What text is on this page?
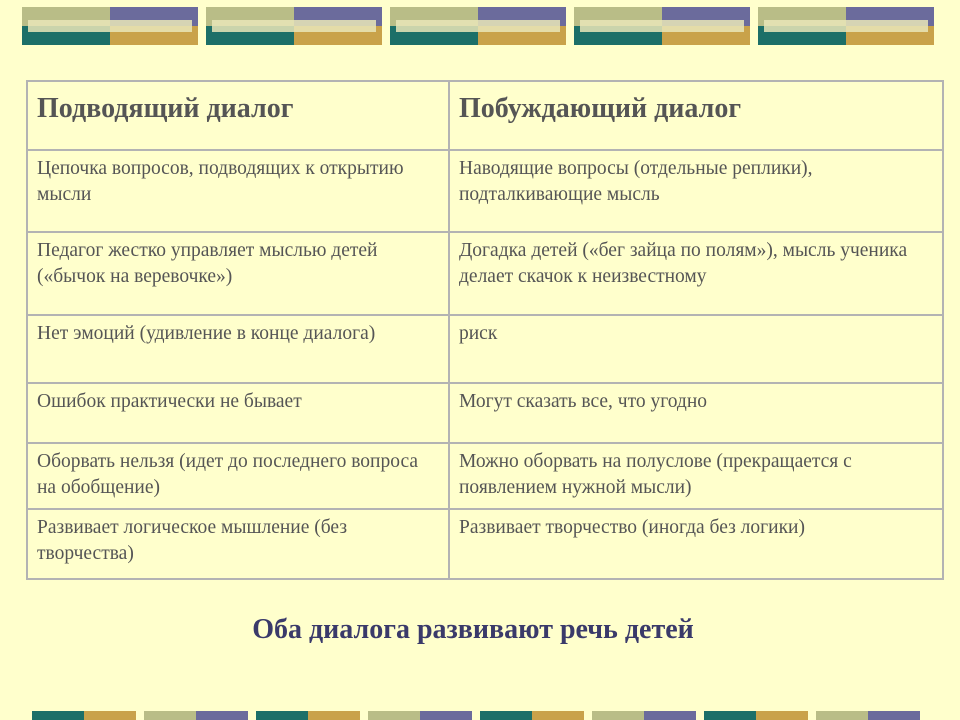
Подводящий диалог	Побуждающий диалог
Цепочка вопросов, подводящих к открытию мысли	Наводящие вопросы (отдельные реплики), подталкивающие мысль
Педагог жестко управляет мыслью детей («бычок на веревочке»)	Догадка детей («бег зайца по полям»), мысль ученика делает скачок к неизвестному
Нет эмоций (удивление в конце диалога)	риск
Ошибок практически не бывает	Могут сказать все, что угодно
Оборвать нельзя (идет до последнего вопроса на обобщение)	Можно оборвать на полуслове (прекращается с появлением нужной мысли)
Развивает логическое мышление (без творчества)	Развивает творчество (иногда без логики)
Оба диалога развивают речь детей
